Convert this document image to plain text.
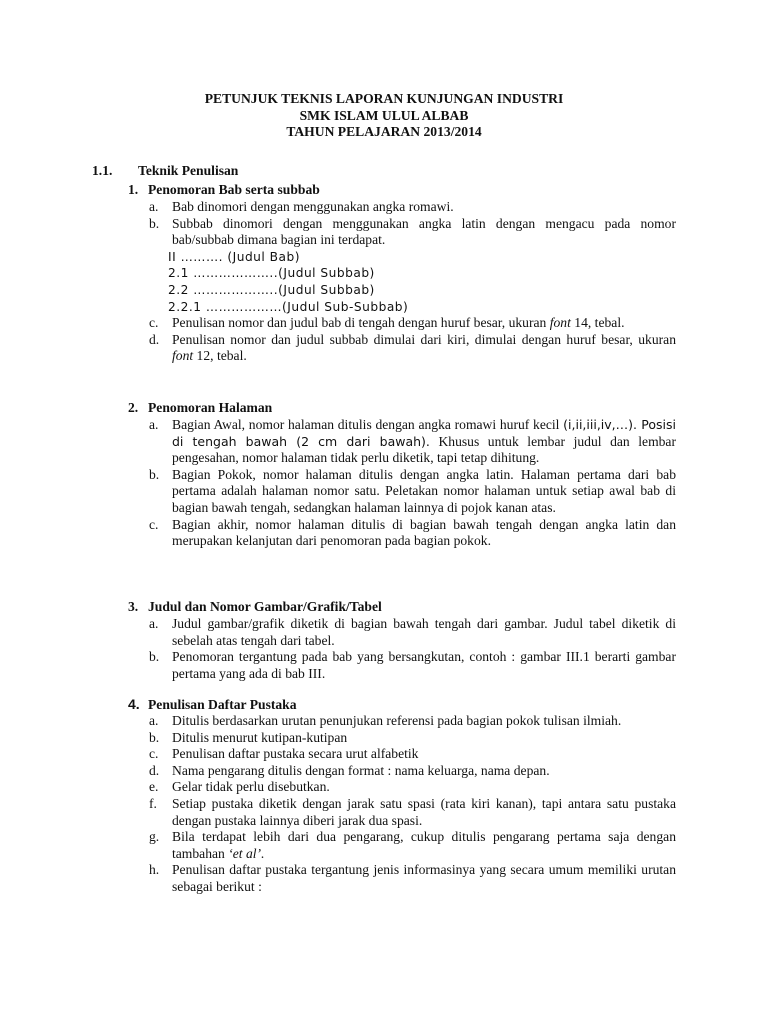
PETUNJUK TEKNIS LAPORAN KUNJUNGAN INDUSTRI
SMK ISLAM ULUL ALBAB
TAHUN PELAJARAN 2013/2014
1.1. Teknik Penulisan
1. Penomoran Bab serta subbab
a. Bab dinomori dengan menggunakan angka romawi.
b. Subbab dinomori dengan menggunakan angka latin dengan mengacu pada nomor bab/subbab dimana bagian ini terdapat.
II ………. (Judul Bab)
2.1 ………………..(Judul Subbab)
2.2 ………………..(Judul Subbab)
2.2.1 ………………(Judul Sub-Subbab)
c. Penulisan nomor dan judul bab di tengah dengan huruf besar, ukuran font 14, tebal.
d. Penulisan nomor dan judul subbab dimulai dari kiri, dimulai dengan huruf besar, ukuran font 12, tebal.
2. Penomoran Halaman
a. Bagian Awal, nomor halaman ditulis dengan angka romawi huruf kecil (i,ii,iii,iv,…). Posisi di tengah bawah (2 cm dari bawah). Khusus untuk lembar judul dan lembar pengesahan, nomor halaman tidak perlu diketik, tapi tetap dihitung.
b. Bagian Pokok, nomor halaman ditulis dengan angka latin. Halaman pertama dari bab pertama adalah halaman nomor satu. Peletakan nomor halaman untuk setiap awal bab di bagian bawah tengah, sedangkan halaman lainnya di pojok kanan atas.
c. Bagian akhir, nomor halaman ditulis di bagian bawah tengah dengan angka latin dan merupakan kelanjutan dari penomoran pada bagian pokok.
3. Judul dan Nomor Gambar/Grafik/Tabel
a. Judul gambar/grafik diketik di bagian bawah tengah dari gambar. Judul tabel diketik di sebelah atas tengah dari tabel.
b. Penomoran tergantung pada bab yang bersangkutan, contoh : gambar III.1 berarti gambar pertama yang ada di bab III.
4. Penulisan Daftar Pustaka
a. Ditulis berdasarkan urutan penunjukan referensi pada bagian pokok tulisan ilmiah.
b. Ditulis menurut kutipan-kutipan
c. Penulisan daftar pustaka secara urut alfabetik
d. Nama pengarang ditulis dengan format : nama keluarga, nama depan.
e. Gelar tidak perlu disebutkan.
f. Setiap pustaka diketik dengan jarak satu spasi (rata kiri kanan), tapi antara satu pustaka dengan pustaka lainnya diberi jarak dua spasi.
g. Bila terdapat lebih dari dua pengarang, cukup ditulis pengarang pertama saja dengan tambahan ‘et al’.
h. Penulisan daftar pustaka tergantung jenis informasinya yang secara umum memiliki urutan sebagai berikut :
